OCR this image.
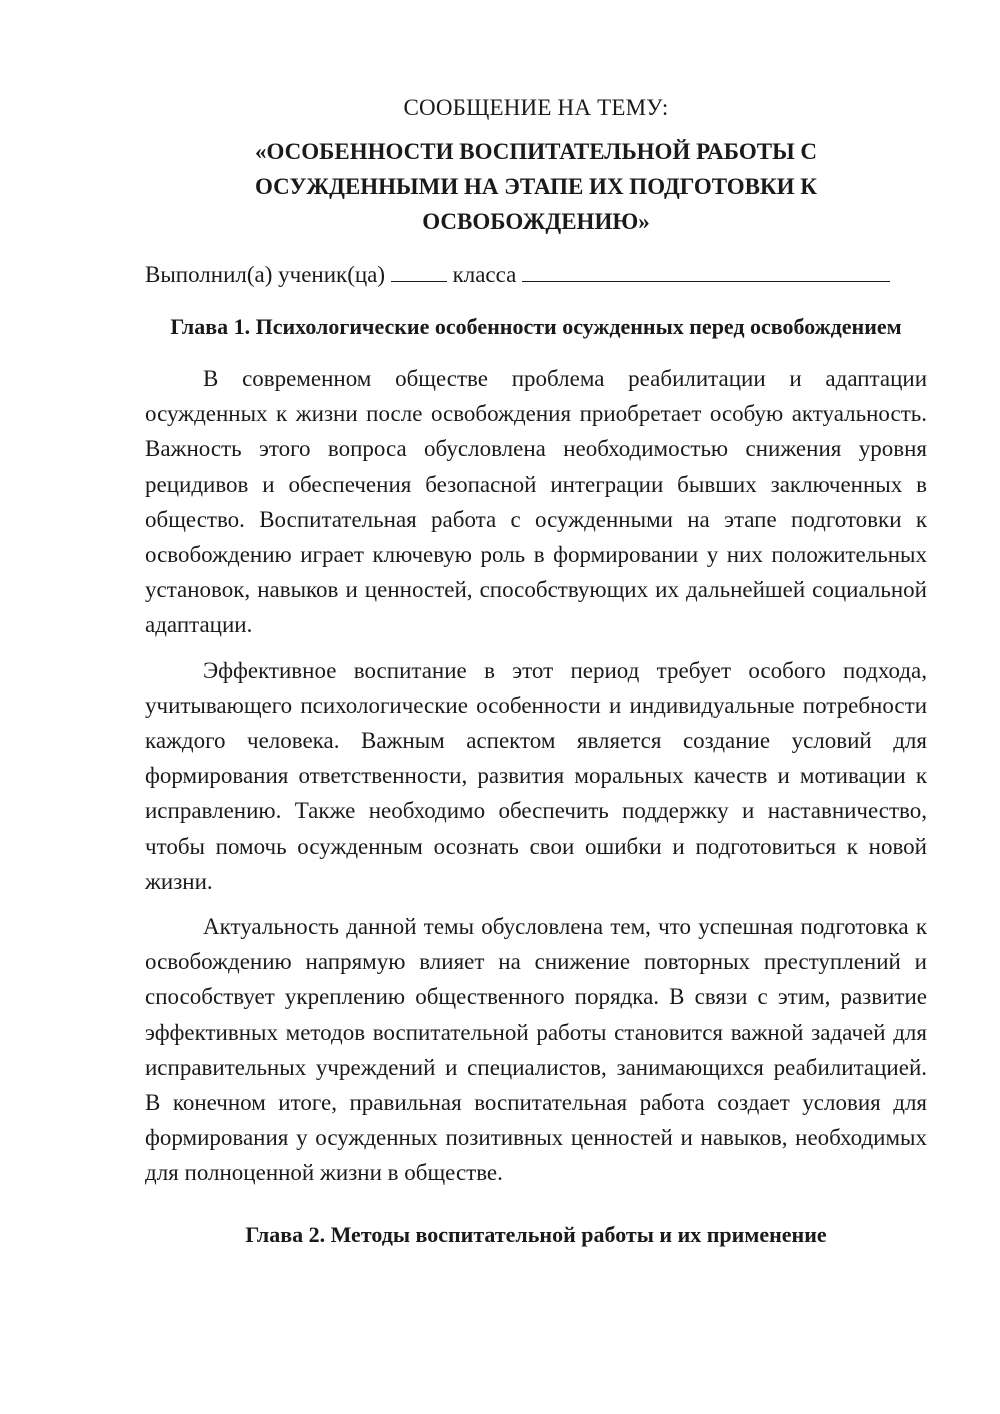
СООБЩЕНИЕ НА ТЕМУ:

«ОСОБЕННОСТИ ВОСПИТАТЕЛЬНОЙ РАБОТЫ С
ОСУЖДЕННЫМИ НА ЭТАПЕ ИХ ПОДГОТОВКИ К
ОСВОБОЖДЕНИЮ»

Выполнил(а) ученик(ца)	класса

Глава 1. Психологические особенности осужденных перед освобождением

В современном обществе проблема реабилитации и адаптации осужденных к жизни после освобождения приобретает особую актуальность. Важность этого вопроса обусловлена необходимостью снижения уровня рецидивов и обеспечения безопасной интеграции бывших заключенных в общество. Воспитательная работа с осужденными на этапе подготовки к освобождению играет ключевую роль в формировании у них положительных установок, навыков и ценностей, способствующих их дальнейшей социальной адаптации.

Эффективное воспитание в этот период требует особого подхода, учитывающего психологические особенности и индивидуальные потребности каждого человека. Важным аспектом является создание условий для формирования ответственности, развития моральных качеств и мотивации к исправлению. Также необходимо обеспечить поддержку и наставничество, чтобы помочь осужденным осознать свои ошибки и подготовиться к новой жизни.

Актуальность данной темы обусловлена тем, что успешная подготовка к освобождению напрямую влияет на снижение повторных преступлений и способствует укреплению общественного порядка. В связи с этим, развитие эффективных методов воспитательной работы становится важной задачей для исправительных учреждений и специалистов, занимающихся реабилитацией. В конечном итоге, правильная воспитательная работа создает условия для формирования у осужденных позитивных ценностей и навыков, необходимых для полноценной жизни в обществе.

Глава 2. Методы воспитательной работы и их применение
